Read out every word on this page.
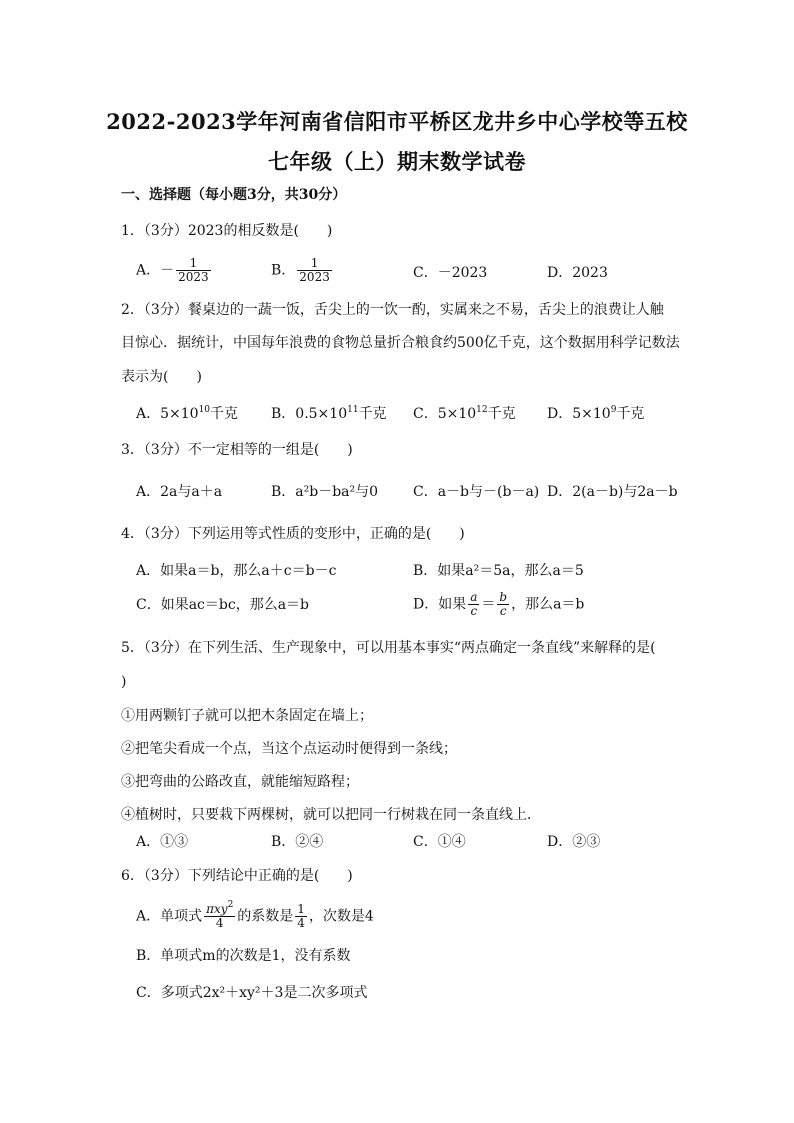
2022-2023学年河南省信阳市平桥区龙井乡中心学校等五校
七年级（上）期末数学试卷
一、选择题（每小题3分，共30分）
1．（3分）2023的相反数是(　　)
A．－ $\frac{1}{2023}$	B． $\frac{1}{2023}$	C．－2023	D．2023
2．（3分）餐桌边的一蔬一饭，舌尖上的一饮一酌，实属来之不易，舌尖上的浪费让人触
目惊心．据统计，中国每年浪费的食物总量折合粮食约500亿千克，这个数据用科学记数法
表示为(　　)
A．$5\times 10^{10}$千克 B．$0.5\times 10^{11}$千克 C．$5\times 10^{12}$千克 D．$5\times 10^9$千克
3．（3分）不一定相等的一组是(　　)
A．2a与a＋a	B．a²b－ba²与0 C．a－b与－(b－a) D．2(a－b)与2a－b
4．（3分）下列运用等式性质的变形中，正确的是(　　)
A．如果a＝b，那么a＋c＝b－c	B．如果a²＝5a，那么a＝5
C．如果ac＝bc，那么a＝b	D．如果 $\frac{a}{c} = \frac{b}{c}$ ，那么a＝b
5．（3分）在下列生活、生产现象中，可以用基本事实“两点确定一条直线”来解释的是(
)
①用两颗钉子就可以把木条固定在墙上；
②把笔尖看成一个点，当这个点运动时便得到一条线；
③把弯曲的公路改直，就能缩短路程；
④植树时，只要栽下两棵树，就可以把同一行树栽在同一条直线上．
A．①③	B．②④	C．①④	D．②③
6．（3分）下列结论中正确的是(　　)
A．单项式 $\frac{\pi xy^2}{4}$ 的系数是 $\frac{1}{4}$ ，次数是4
B．单项式m的次数是1，没有系数
C．多项式2x²＋xy²＋3是二次多项式
